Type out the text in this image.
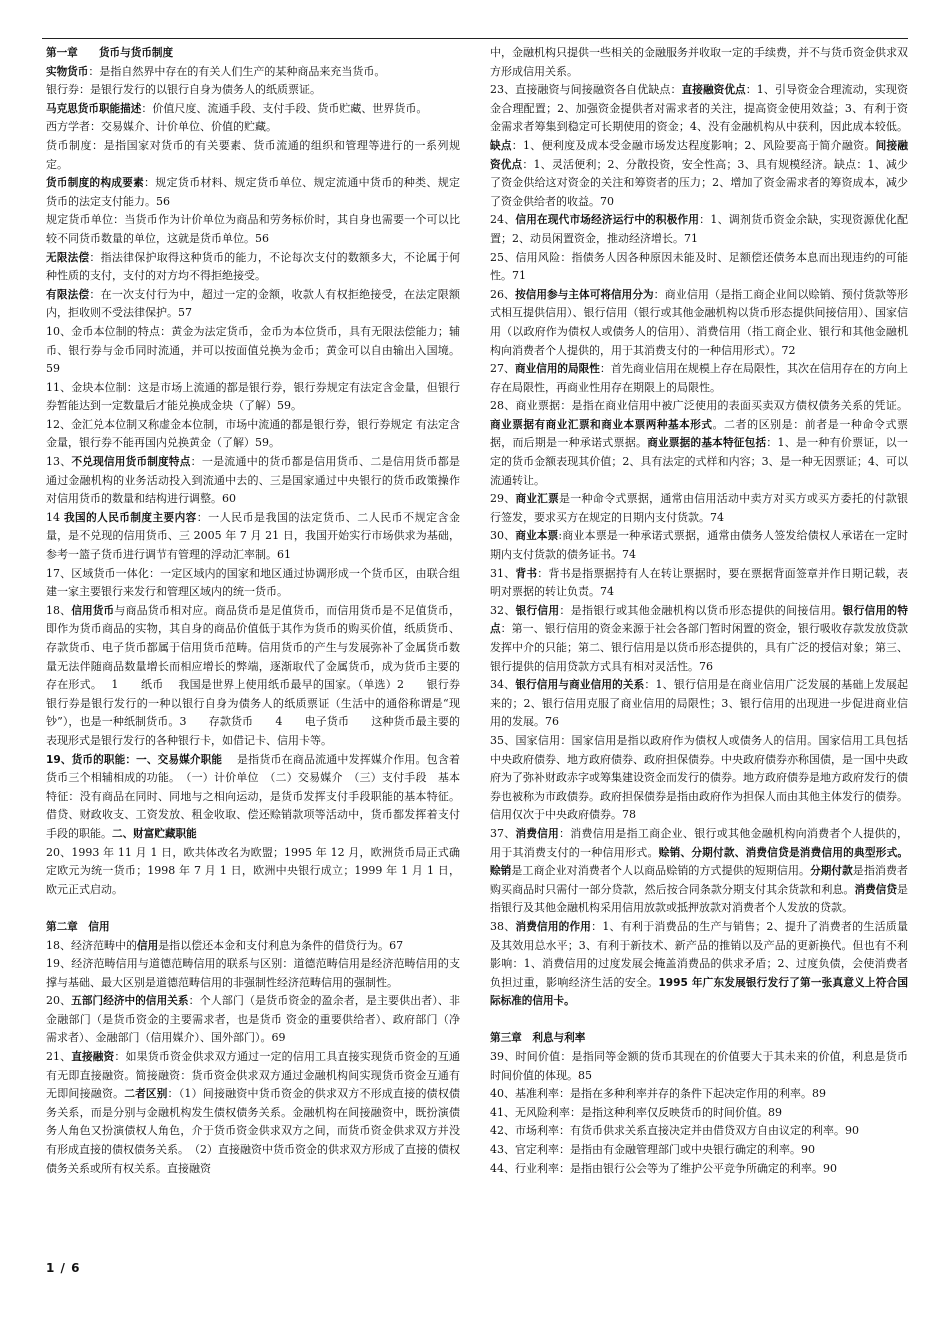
第一章　　货币与货币制度

实物货币：是指自然界中存在的有关人们生产的某种商品来充当货币。

银行券：是银行发行的以银行自身为债务人的纸质票证。

马克思货币职能描述：价值尺度、流通手段、支付手段、货币贮藏、世界货币。

西方学者：交易媒介、计价单位、价值的贮藏。

货币制度：是指国家对货币的有关要素、货币流通的组织和管理等进行的一系列规定。

货币制度的构成要素：规定货币材料、规定货币单位、规定流通中货币的种类、规定货币的法定支付能力。56

规定货币单位：当货币作为计价单位为商品和劳务标价时，其自身也需要一个可以比较不同货币数量的单位，这就是货币单位。56

无限法偿：指法律保护取得这种货币的能力，不论每次支付的数额多大，不论属于何种性质的支付，支付的对方均不得拒绝接受。

有限法偿：在一次支付行为中，超过一定的金额，收款人有权拒绝接受，在法定限额内，拒收则不受法律保护。57

10、金币本位制的特点：黄金为法定货币，金币为本位货币，具有无限法偿能力；辅币、银行券与金币同时流通，并可以按面值兑换为金币；黄金可以自由输出入国境。59

11、金块本位制：这是市场上流通的都是银行券，银行券规定有法定含金量，但银行券暂能达到一定数量后才能兑换成金块（了解）59。

12、金汇兑本位制又称虚金本位制，市场中流通的都是银行券，银行券规定 有法定含金量，银行券不能再国内兑换黄金（了解）59。

13、不兑现信用货币制度特点：一是流通中的货币都是信用货币、二是信用货币都是通过金融机构的业务活动投入到流通中去的、三是国家通过中央银行的货币政策操作对信用货币的数量和结构进行调整。60

14 我国的人民币制度主要内容：一人民币是我国的法定货币、二人民币不规定含金量，是不兑现的信用货币、三 2005 年 7 月 21 日，我国开始实行市场供求为基础，参考一篮子货币进行调节有管理的浮动汇率制。61

17、区域货币一体化：一定区域内的国家和地区通过协调形成一个货币区，由联合组建一家主要银行来发行和管理区域内的统一货币。

18、信用货币与商品货币相对应。商品货币是足值货币，而信用货币是不足值货币，即作为货币商品的实物，其自身的商品价值低于其作为货币的购买价值，纸质货币、存款货币、电子货币都属于信用货币范畴。信用货币的产生与发展弥补了金属货币数量无法伴随商品数量增长而相应增长的弊端，逐渐取代了金属货币，成为货币主要的存在形式。　 1　　纸币　 我国是世界上使用纸币最早的国家。（单选）2　　银行券　银行券是银行发行的一种以银行自身为债务人的纸质票证（生活中的通俗称谓是“现钞”），也是一种纸制货币。3　　存款货币　　4　　电子货币　　这种货币最主要的表现形式是银行发行的各种银行卡，如借记卡、信用卡等。

19、货币的职能：一、交易媒介职能　 是指货币在商品流通中发挥媒介作用。包含着货币三个相辅相成的功能。　（一）计价单位　（二）交易媒介　（三）支付手段　基本特征：没有商品在同时、同地与之相向运动，是货币发挥支付手段职能的基本特征。借贷、财政收支、工资发放、租金收取、偿还赊销款项等活动中，货币都发挥着支付手段的职能。二、财富贮藏职能

20、1993 年 11 月 1 日，欧共体改名为欧盟；1995 年 12 月，欧洲货币局正式确定欧元为统一货币；1998 年 7 月 1 日，欧洲中央银行成立；1999 年 1 月 1 日，欧元正式启动。

第二章　信用

18、经济范畴中的信用是指以偿还本金和支付利息为条件的借贷行为。67

19、经济范畴信用与道德范畴信用的联系与区别：道德范畴信用是经济范畴信用的支撑与基础、最大区别是道德范畴信用的非强制性经济范畴信用的强制性。

20、五部门经济中的信用关系：个人部门（是货币资金的盈余者，是主要供出者）、非金融部门（是货币资金的主要需求者，也是货币 资金的重要供给者）、政府部门（净需求者）、金融部门（信用媒介）、国外部门）。69

21、直接融资：如果货币资金供求双方通过一定的信用工具直接实现货币资金的互通有无即直接融资。简接融资：货币资金供求双方通过金融机构间实现货币资金互通有无即间接融资。二者区别：（1）间接融资中货币资金的供求双方不形成直接的债权债务关系，而是分别与金融机构发生债权债务关系。金融机构在间接融资中，既扮演债务人角色又扮演债权人角色，介于货币资金供求双方之间，而货币资金供求双方并没有形成直接的债权债务关系。　（2）直接融资中货币资金的供求双方形成了直接的债权债务关系或所有权关系。直接融资

中，金融机构只提供一些相关的金融服务并收取一定的手续费，并不与货币资金供求双方形成信用关系。

23、直接融资与间接融资各自优缺点：直接融资优点：1、引导资金合理流动，实现资金合理配置；2、加强资金提供者对需求者的关注，提高资金使用效益；3、有利于资金需求者筹集到稳定可长期使用的资金；4、没有金融机构从中获利，因此成本较低。缺点：1、便利度及成本受金融市场发达程度影响；2、风险要高于简介融资。间接融资优点：1、灵活便利；2、分散投资，安全性高；3、具有规模经济。缺点：1、减少了资金供给这对资金的关注和筹资者的压力；2、增加了资金需求者的筹资成本，减少了资金供给者的收益。70

24、信用在现代市场经济运行中的积极作用：1、调剂货币资金余缺，实现资源优化配置；2、动员闲置资金，推动经济增长。71

25、信用风险：指债务人因各种原因未能及时、足额偿还债务本息而出现违约的可能性。71

26、按信用参与主体可将信用分为：商业信用（是指工商企业间以赊销、预付货款等形式相互提供信用）、银行信用（银行或其他金融机构以货币形态提供间接信用）、国家信用（以政府作为债权人或债务人的信用）、消费信用（指工商企业、银行和其他金融机构向消费者个人提供的，用于其消费支付的一种信用形式）。72

27、商业信用的局限性：首先商业信用在规模上存在局限性，其次在信用存在的方向上存在局限性，再商业性用存在期限上的局限性。

28、商业票据：是指在商业信用中被广泛使用的表面买卖双方债权债务关系的凭证。商业票据有商业汇票和商业本票两种基本形式。二者的区别是：前者是一种命令式票据，而后期是一种承诺式票据。商业票据的基本特征包括：1、是一种有价票证，以一定的货币金额表现其价值；2、具有法定的式样和内容；3、是一种无因票证；4、可以流通转让。

29、商业汇票是一种命令式票据，通常由信用活动中卖方对买方或买方委托的付款银行签发，要求买方在规定的日期内支付货款。74

30、商业本票:商业本票是一种承诺式票据，通常由债务人签发给债权人承诺在一定时期内支付货款的债务证书。74

31、背书：背书是指票据持有人在转让票据时，要在票据背面签章并作日期记载，表明对票据的转让负责。74

32、银行信用：是指银行或其他金融机构以货币形态提供的间接信用。银行信用的特点：第一、银行信用的资金来源于社会各部门暂时闲置的资金，银行吸收存款发放贷款发挥中介的只能；第二、银行信用是以货币形态提供的，具有广泛的授信对象；第三、银行提供的信用贷款方式具有相对灵活性。76

34、银行信用与商业信用的关系：1、银行信用是在商业信用广泛发展的基础上发展起来的；2、银行信用克服了商业信用的局限性；3、银行信用的出现进一步促进商业信用的发展。76

35、国家信用：国家信用是指以政府作为债权人或债务人的信用。国家信用工具包括中央政府债券、地方政府债券、政府担保债券。中央政府债券亦称国债，是一国中央政府为了弥补财政赤字或筹集建设资金而发行的债券。地方政府债券是地方政府发行的债券也被称为市政债券。政府担保债券是指由政府作为担保人而由其他主体发行的债券。信用仅次于中央政府债券。78

37、消费信用：消费信用是指工商企业、银行或其他金融机构向消费者个人提供的，用于其消费支付的一种信用形式。赊销、分期付款、消费信贷是消费信用的典型形式。赊销是工商企业对消费者个人以商品赊销的方式提供的短期信用。分期付款是指消费者购买商品时只需付一部分贷款，然后按合同条款分期支付其余货款和利息。消费信贷是指银行及其他金融机构采用信用放款或抵押放款对消费者个人发放的贷款。

38、消费信用的作用：1、有利于消费品的生产与销售；2、提升了消费者的生活质量及其效用总水平；3、有利于新技术、新产品的推销以及产品的更新换代。但也有不利影响：1、消费信用的过度发展会掩盖消费品的供求矛盾；2、过度负债，会使消费者负担过重，影响经济生活的安全。1995 年广东发展银行发行了第一张真意义上符合国际标准的信用卡。

第三章　利息与利率

39、时间价值：是指同等金额的货币其现在的价值要大于其未来的价值，利息是货币时间价值的体现。85

40、基准利率：是指在多种利率并存的条件下起决定作用的利率。89

41、无风险利率：是指这种利率仅反映货币的时间价值。89

42、市场利率：有货币供求关系直接决定并由借贷双方自由议定的利率。90

43、官定利率：是指由有金融管理部门或中央银行确定的利率。90

44、行业利率：是指由银行公会等为了维护公平竞争所确定的利率。90

1 / 6
